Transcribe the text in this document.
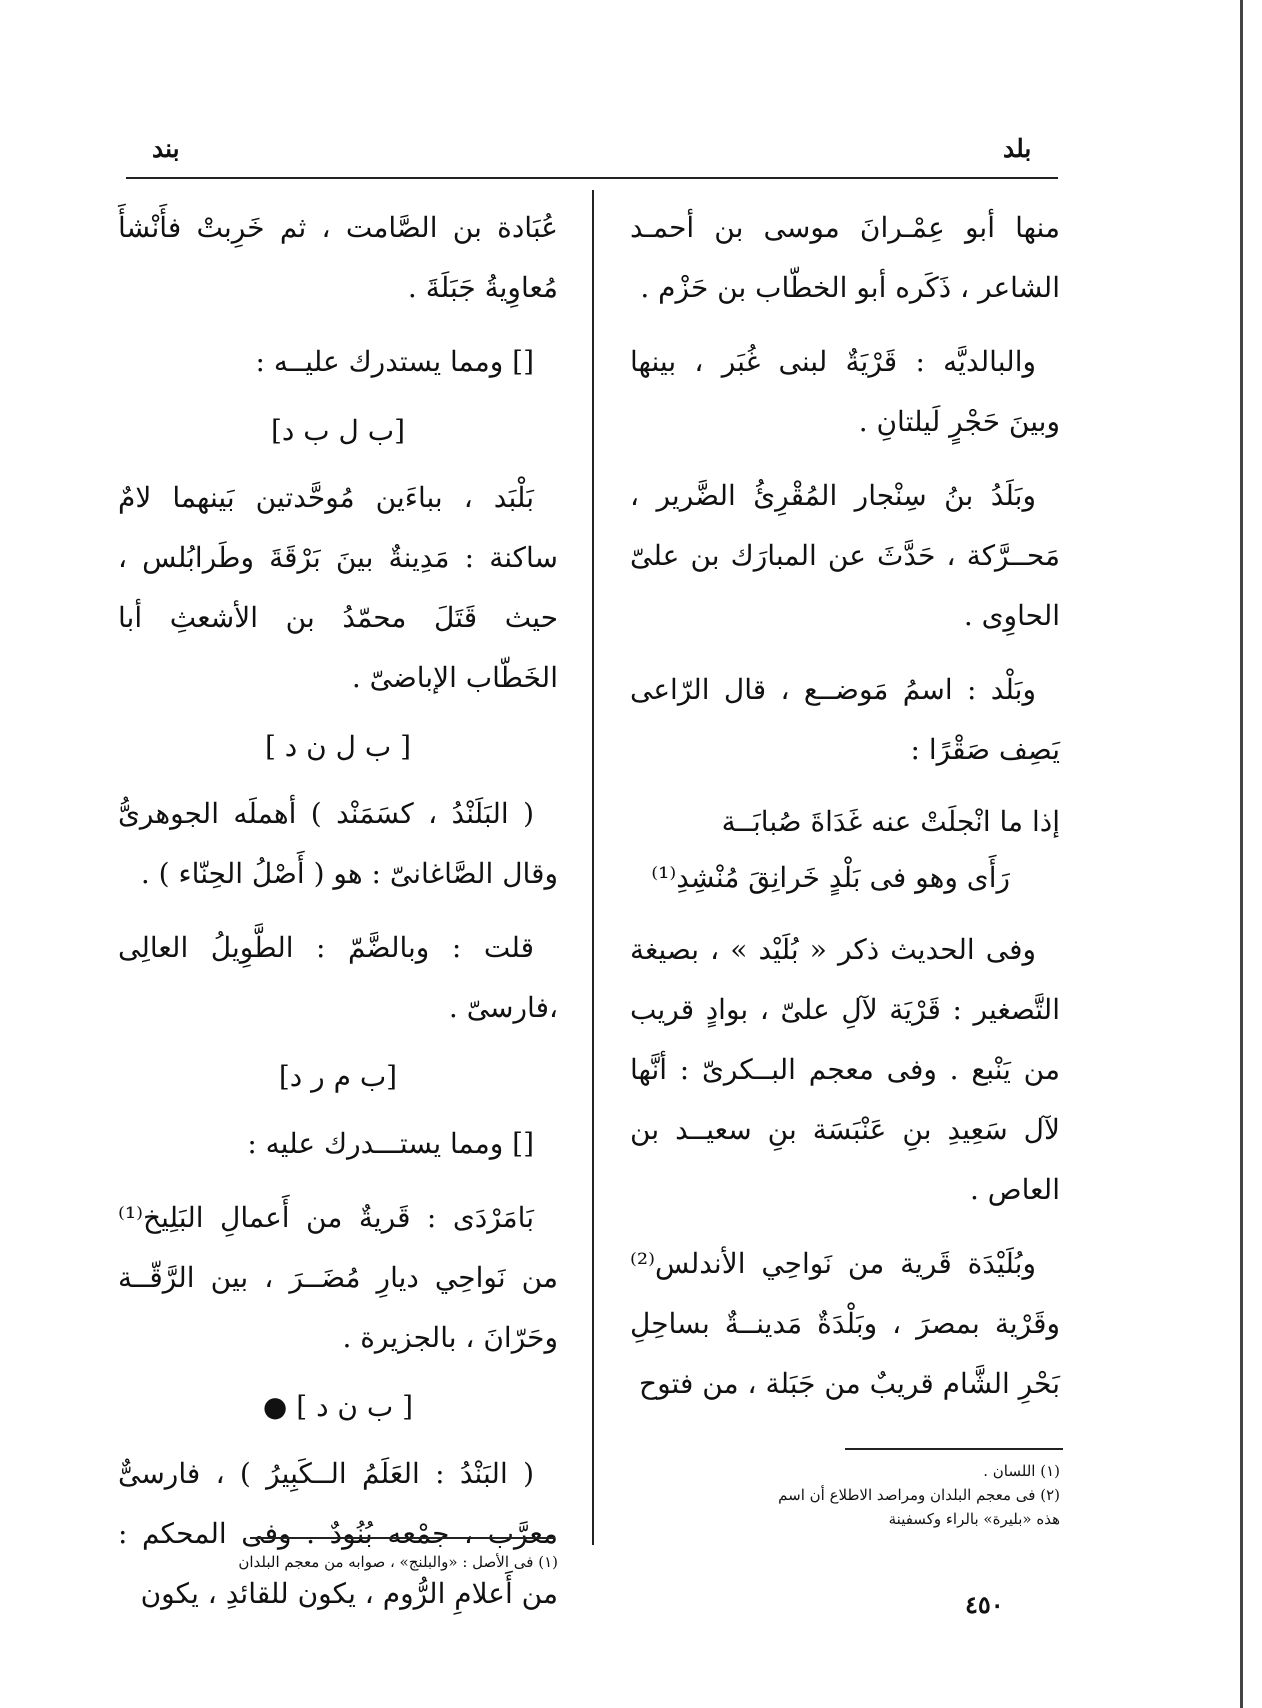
بلد
بند

منها أبو عِمْـرانَ موسى بن أحمـد الشاعر ، ذَكَره أبو الخطّاب بن حَزْم .

والبالديَّه : قَرْيَةٌ لبنى غُبَر ، بينها وبينَ حَجْرٍ لَيلتانِ .

وبَلَدُ بنُ سِنْجار المُقْرِئُ الضَّرير ، مَحــرَّكة ، حَدَّثَ عن المبارَك بن علىّ الحاوِى .

وبَلْد : اسمُ مَوضــع ، قال الرّاعى يَصِف صَقْرًا :

إذا ما انْجلَتْ عنه غَدَاةَ صُبابَــة

رَأَى وهو فى بَلْدٍ خَرانِقَ مُنْشِدِ⁽¹⁾

وفى الحديث ذكر « بُلَيْد » ، بصيغة التَّصغير : قَرْيَة لآلِ علىّ ، بوادٍ قريب من يَنْبع . وفى معجم البــكرىّ : أنَّها لآل سَعِيدِ بنِ عَنْبَسَة بنِ سعيــد بن العاص .

وبُلَيْدَة قَرية من نَواحِي الأندلس⁽²⁾ وقَرْية بمصرَ ، وبَلْدَةٌ مَدينــةٌ بساحِلِ بَحْرِ الشَّام قريبٌ من جَبَلة ، من فتوح

عُبَادة بن الصَّامت ، ثم خَرِبتْ فأَنْشأَ مُعاوِيةُ جَبَلَةَ .

[] ومما يستدرك عليــه :

[ب ل ب د]

بَلْبَد ، بباءَين مُوحَّدتين بَينهما لامٌ ساكنة : مَدِينةٌ بينَ بَرْقَةَ وطَرابُلس ، حيث قَتَلَ محمّدُ بن الأشعثِ أبا الخَطّاب الإباضىّ .

[ ب ل ن د ]

( البَلَنْدُ ، كسَمَنْد ) أهملَه الجوهرىُّ وقال الصَّاغانىّ : هو ( أَصْلُ الحِنّاء ) .

قلت : وبالضَّمّ : الطَّوِيلُ العالِى ،فارسىّ .

[ب م ر د]

[] ومما يستـــدرك عليه :

بَامَرْدَى : قَريةٌ من أَعمالِ البَلِيخ⁽¹⁾ من نَواحِي ديارِ مُضَــرَ ، بين الرَّقّــة وحَرّانَ ، بالجزيرة .

[ ب ن د ] ●

( البَنْدُ : العَلَمُ الــكَبِيرُ ) ، فارسىٌّ معرَّب ، جمْعه بُنُودٌ . وفى المحكم : من أَعلامِ الرُّوم ، يكون للقائدِ ، يكون

(١) اللسان .

(٢) فى معجم البلدان ومراصد الاطلاع أن اسم هذه «بليرة» بالراء وكسفينة

(١) فى الأصل : «والبلنج» ، صوابه من معجم البلدان

٤٥٠
